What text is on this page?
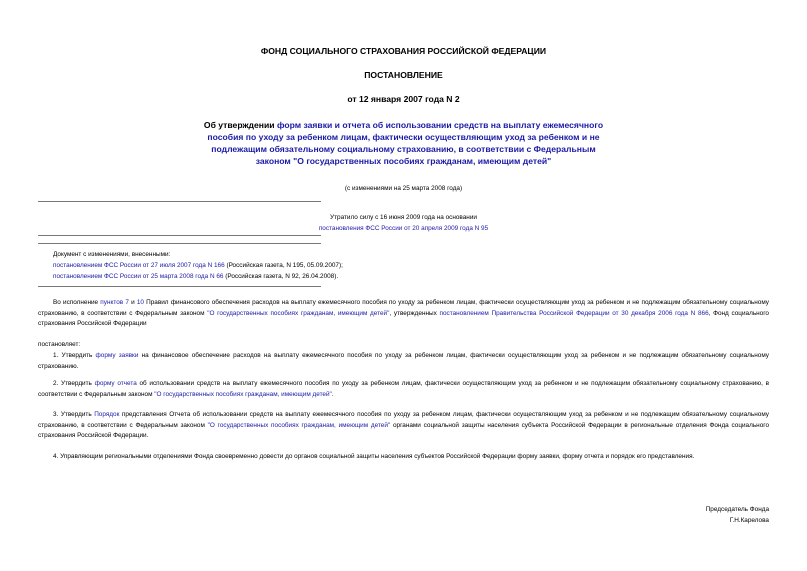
ФОНД СОЦИАЛЬНОГО СТРАХОВАНИЯ РОССИЙСКОЙ ФЕДЕРАЦИИ
ПОСТАНОВЛЕНИЕ
от 12 января 2007 года N 2
Об утверждении форм заявки и отчета об использовании средств на выплату ежемесячного пособия по уходу за ребенком лицам, фактически осуществляющим уход за ребенком и не подлежащим обязательному социальному страхованию, в соответствии с Федеральным законом "О государственных пособиях гражданам, имеющим детей"
(с изменениями на 25 марта 2008 года)
Утратило силу с 16 июня 2009 года на основании
постановления ФСС России от 20 апреля 2009 года N 95
Документ с изменениями, внесенными:
постановлением ФСС России от 27 июля 2007 года N 166 (Российская газета, N 195, 05.09.2007);
постановлением ФСС России от 25 марта 2008 года N 66 (Российская газета, N 92, 26.04.2008).
Во исполнение пунктов 7 и 10 Правил финансового обеспечения расходов на выплату ежемесячного пособия по уходу за ребенком лицам, фактически осуществляющим уход за ребенком и не подлежащим обязательному социальному страхованию, в соответствии с Федеральным законом "О государственных пособиях гражданам, имеющим детей", утвержденных постановлением Правительства Российской Федерации от 30 декабря 2006 года N 866, Фонд социального страхования Российской Федерации
постановляет:
1. Утвердить форму заявки на финансовое обеспечение расходов на выплату ежемесячного пособия по уходу за ребенком лицам, фактически осуществляющим уход за ребенком и не подлежащим обязательному социальному страхованию.
2. Утвердить форму отчета об использовании средств на выплату ежемесячного пособия по уходу за ребенком лицам, фактически осуществляющим уход за ребенком и не подлежащим обязательному социальному страхованию, в соответствии с Федеральным законом "О государственных пособиях гражданам, имеющим детей".
3. Утвердить Порядок представления Отчета об использовании средств на выплату ежемесячного пособия по уходу за ребенком лицам, фактически осуществляющим уход за ребенком и не подлежащим обязательному социальному страхованию, в соответствии с Федеральным законом "О государственных пособиях гражданам, имеющим детей" органами социальной защиты населения субъекта Российской Федерации в региональные отделения Фонда социального страхования Российской Федерации.
4. Управляющим региональными отделениями Фонда своевременно довести до органов социальной защиты населения субъектов Российской Федерации форму заявки, форму отчета и порядок его представления.
Председатель Фонда
Г.Н.Карелова
